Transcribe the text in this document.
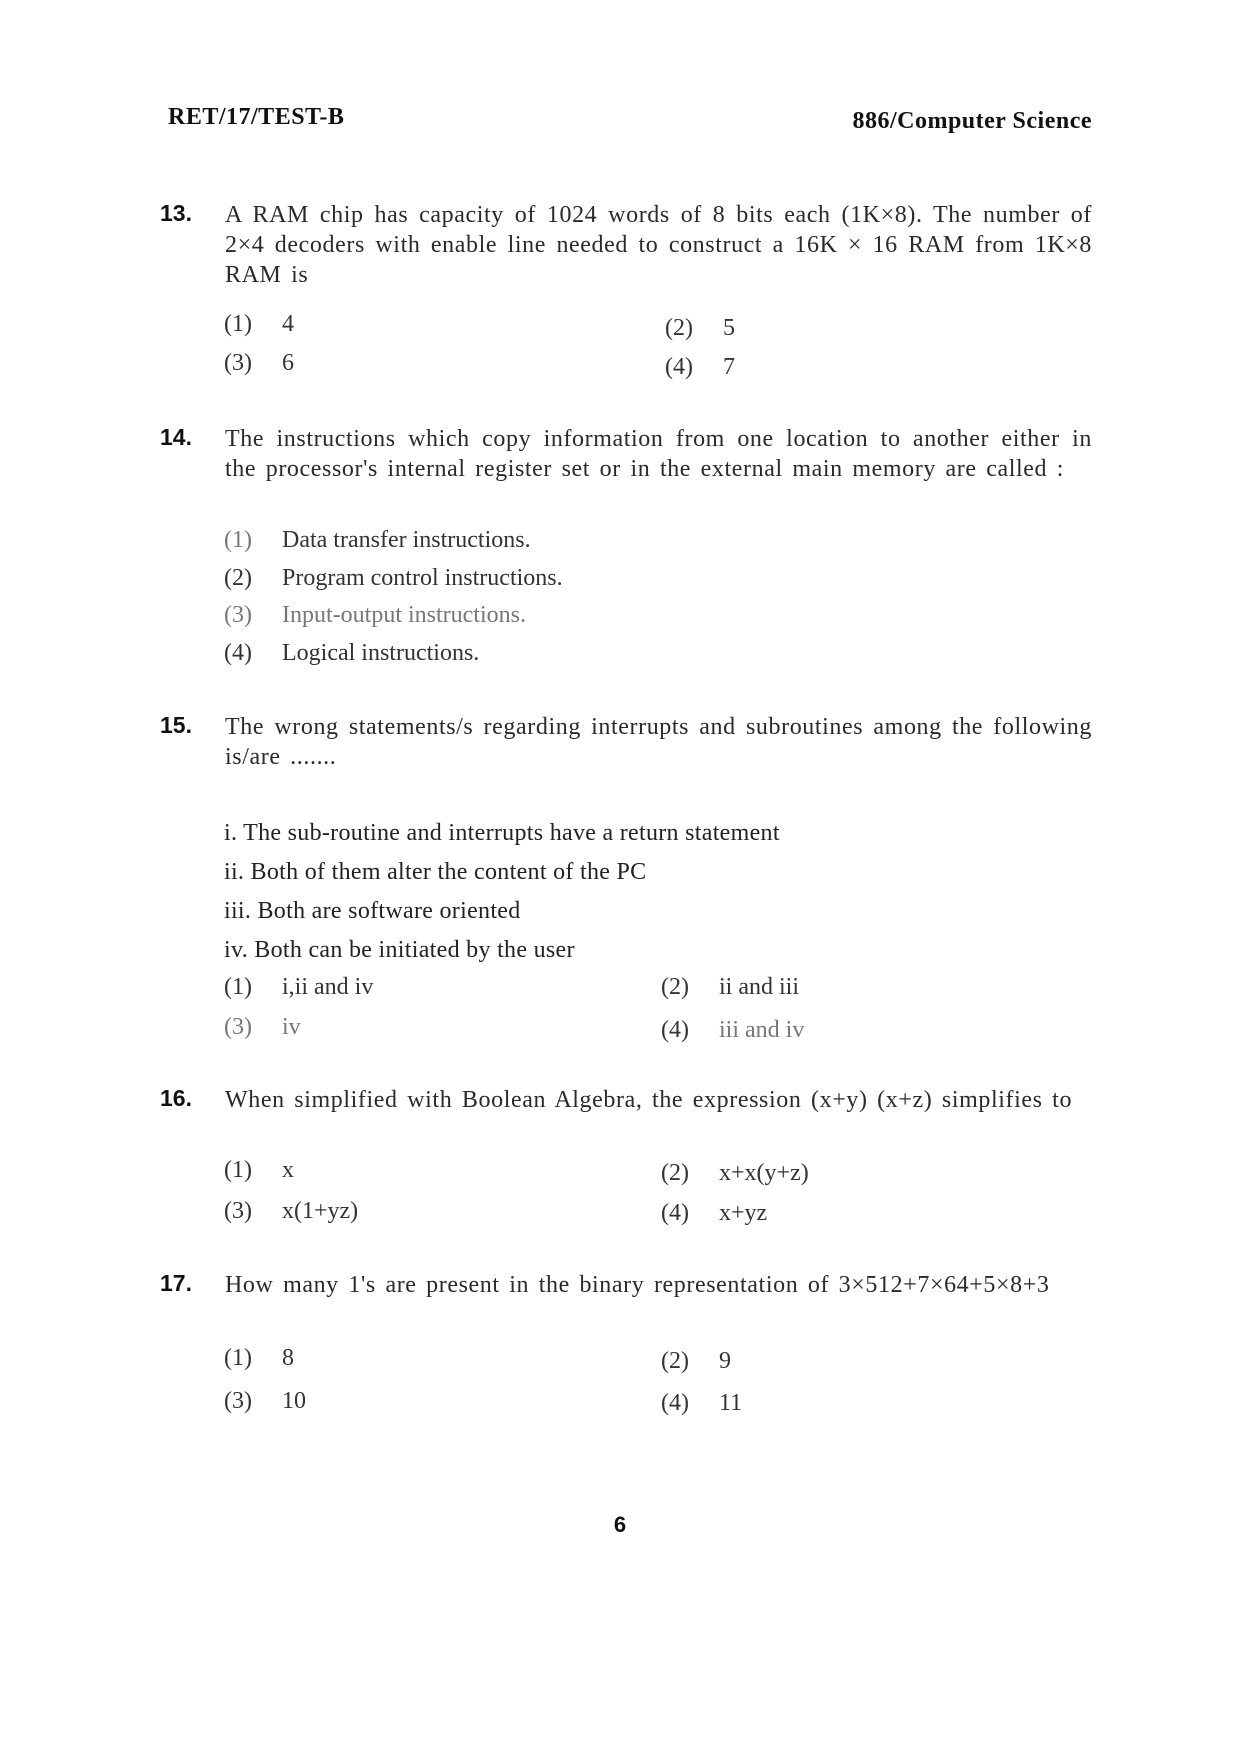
RET/17/TEST-B	886/Computer Science
13. A RAM chip has capacity of 1024 words of 8 bits each (1K×8). The number of 2×4 decoders with enable line needed to construct a 16K × 16 RAM from 1K×8 RAM is
(1) 4	(2) 5
(3) 6	(4) 7
14. The instructions which copy information from one location to another either in the processor's internal register set or in the external main memory are called :
(1) Data transfer instructions.
(2) Program control instructions.
(3) Input-output instructions.
(4) Logical instructions.
15. The wrong statements/s regarding interrupts and subroutines among the following is/are .......
i. The sub-routine and interrupts have a return statement
ii. Both of them alter the content of the PC
iii. Both are software oriented
iv. Both can be initiated by the user
(1) i,ii and iv	(2) ii and iii
(3) iv	(4) iii and iv
16. When simplified with Boolean Algebra, the expression (x+y) (x+z) simplifies to
(1) x	(2) x+x(y+z)
(3) x(1+yz)	(4) x+yz
17. How many 1's are present in the binary representation of 3×512+7×64+5×8+3
(1) 8	(2) 9
(3) 10	(4) 11
6
